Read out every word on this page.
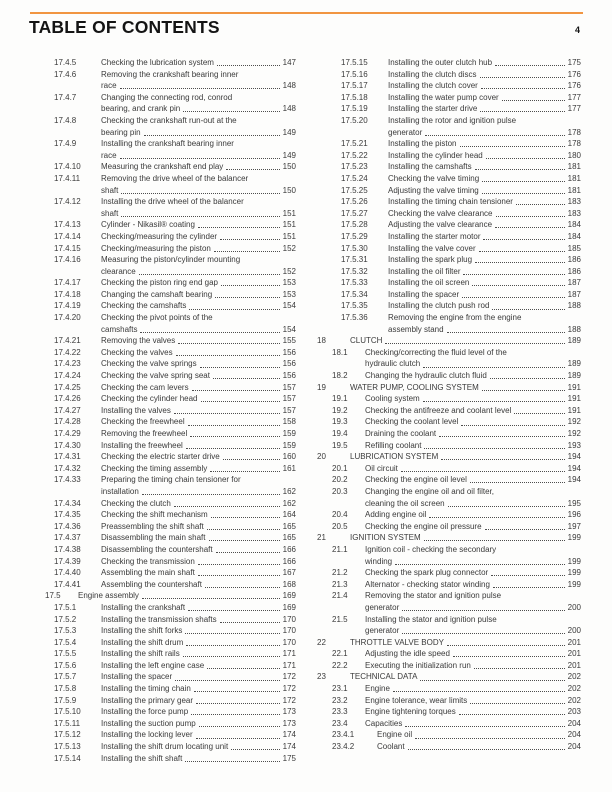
TABLE OF CONTENTS	4
17.4.5	Checking the lubrication system	147
17.4.6	Removing the crankshaft bearing inner
race	148
17.4.7	Changing the connecting rod, conrod
bearing, and crank pin	148
17.4.8	Checking the crankshaft run-out at the
bearing pin	149
17.4.9	Installing the crankshaft bearing inner
race	149
17.4.10	Measuring the crankshaft end play	150
17.4.11	Removing the drive wheel of the balancer
shaft	150
17.4.12	Installing the drive wheel of the balancer
shaft	151
17.4.13	Cylinder - Nikasil® coating	151
17.4.14	Checking/measuring the cylinder	151
17.4.15	Checking/measuring the piston	152
17.4.16	Measuring the piston/cylinder mounting
clearance	152
17.4.17	Checking the piston ring end gap	153
17.4.18	Changing the camshaft bearing	153
17.4.19	Checking the camshafts	154
17.4.20	Checking the pivot points of the
camshafts	154
17.4.21	Removing the valves	155
17.4.22	Checking the valves	156
17.4.23	Checking the valve springs	156
17.4.24	Checking the valve spring seat	156
17.4.25	Checking the cam levers	157
17.4.26	Checking the cylinder head	157
17.4.27	Installing the valves	157
17.4.28	Checking the freewheel	158
17.4.29	Removing the freewheel	159
17.4.30	Installing the freewheel	159
17.4.31	Checking the electric starter drive	160
17.4.32	Checking the timing assembly	161
17.4.33	Preparing the timing chain tensioner for
installation	162
17.4.34	Checking the clutch	162
17.4.35	Checking the shift mechanism	164
17.4.36	Preassembling the shift shaft	165
17.4.37	Disassembling the main shaft	165
17.4.38	Disassembling the countershaft	166
17.4.39	Checking the transmission	166
17.4.40	Assembling the main shaft	167
17.4.41	Assembling the countershaft	168
17.5	Engine assembly	169
17.5.1	Installing the crankshaft	169
17.5.2	Installing the transmission shafts	170
17.5.3	Installing the shift forks	170
17.5.4	Installing the shift drum	170
17.5.5	Installing the shift rails	171
17.5.6	Installing the left engine case	171
17.5.7	Installing the spacer	172
17.5.8	Installing the timing chain	172
17.5.9	Installing the primary gear	172
17.5.10	Installing the force pump	173
17.5.11	Installing the suction pump	173
17.5.12	Installing the locking lever	174
17.5.13	Installing the shift drum locating unit	174
17.5.14	Installing the shift shaft	175
17.5.15	Installing the outer clutch hub	175
17.5.16	Installing the clutch discs	176
17.5.17	Installing the clutch cover	176
17.5.18	Installing the water pump cover	177
17.5.19	Installing the starter drive	177
17.5.20	Installing the rotor and ignition pulse
generator	178
17.5.21	Installing the piston	178
17.5.22	Installing the cylinder head	180
17.5.23	Installing the camshafts	181
17.5.24	Checking the valve timing	181
17.5.25	Adjusting the valve timing	181
17.5.26	Installing the timing chain tensioner	183
17.5.27	Checking the valve clearance	183
17.5.28	Adjusting the valve clearance	184
17.5.29	Installing the starter motor	184
17.5.30	Installing the valve cover	185
17.5.31	Installing the spark plug	186
17.5.32	Installing the oil filter	186
17.5.33	Installing the oil screen	187
17.5.34	Installing the spacer	187
17.5.35	Installing the clutch push rod	188
17.5.36	Removing the engine from the engine
assembly stand	188
18	CLUTCH	189
18.1	Checking/correcting the fluid level of the
hydraulic clutch	189
18.2	Changing the hydraulic clutch fluid	189
19	WATER PUMP, COOLING SYSTEM	191
19.1	Cooling system	191
19.2	Checking the antifreeze and coolant level	191
19.3	Checking the coolant level	192
19.4	Draining the coolant	192
19.5	Refilling coolant	193
20	LUBRICATION SYSTEM	194
20.1	Oil circuit	194
20.2	Checking the engine oil level	194
20.3	Changing the engine oil and oil filter,
cleaning the oil screen	195
20.4	Adding engine oil	196
20.5	Checking the engine oil pressure	197
21	IGNITION SYSTEM	199
21.1	Ignition coil - checking the secondary
winding	199
21.2	Checking the spark plug connector	199
21.3	Alternator - checking stator winding	199
21.4	Removing the stator and ignition pulse
generator	200
21.5	Installing the stator and ignition pulse
generator	200
22	THROTTLE VALVE BODY	201
22.1	Adjusting the idle speed	201
22.2	Executing the initialization run	201
23	TECHNICAL DATA	202
23.1	Engine	202
23.2	Engine tolerance, wear limits	202
23.3	Engine tightening torques	203
23.4	Capacities	204
23.4.1	Engine oil	204
23.4.2	Coolant	204
